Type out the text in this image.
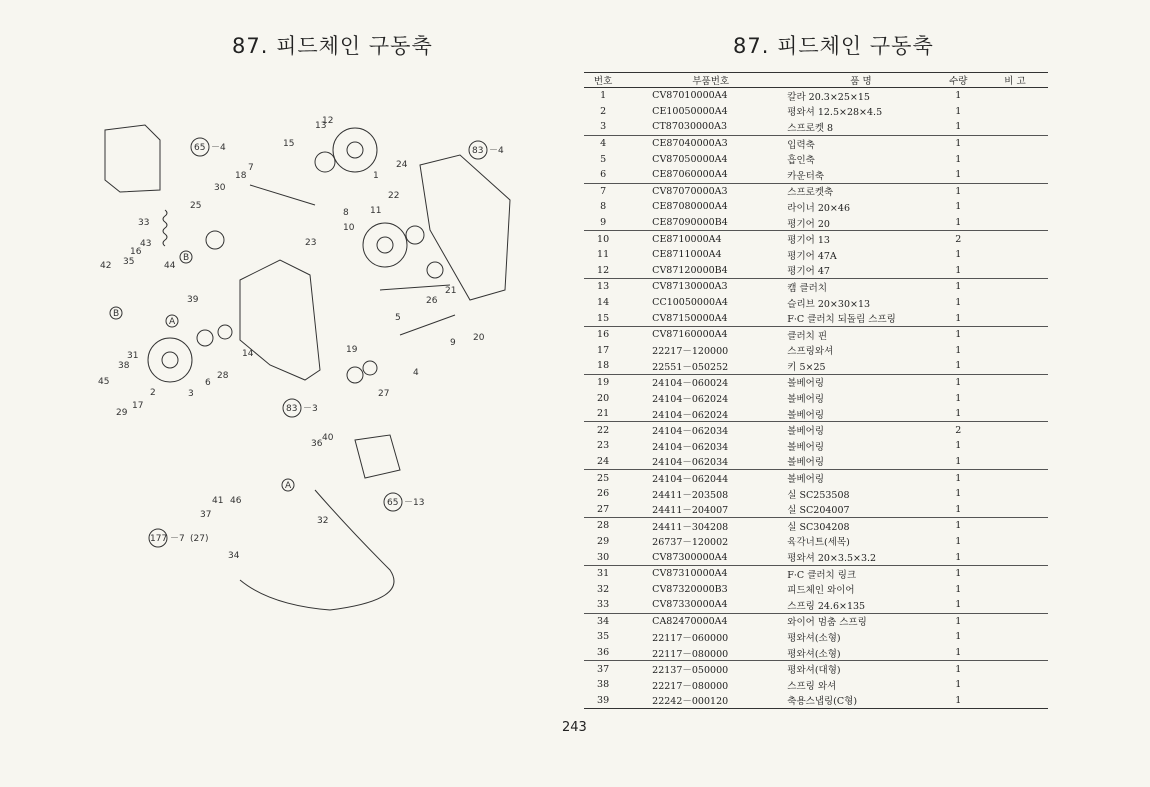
87. 피드체인 구동축	87. 피드체인 구동축
65 －4	83 －4
83 －3
65 －13
177 －7 (27)
B
B
A
A
1
2	3
4
5
6
7
8
9
10
11
12
13
14
15
16
17
18
19
20
21
22
23
24
25
26
27
28
29
30
31
32
33
34
35
36
37
38
39
40
41
42
43
44
45
46
번호	부품번호	품 명	수량	비 고
1	CV87010000A4	칼라 20.3×25×15	1	
2	CE10050000A4	평와셔 12.5×28×4.5	1	
3	CT87030000A3	스프로켓 8	1	
4	CE87040000A3	입력축	1	
5	CV87050000A4	흡인축	1	
6	CE87060000A4	카운터축	1	
7	CV87070000A3	스프로켓축	1	
8	CE87080000A4	라이너 20×46	1	
9	CE87090000B4	평기어 20	1	
10	CE8710000A4	평기어 13	2	
11	CE8711000A4	평기어 47A	1	
12	CV87120000B4	평기어 47	1	
13	CV87130000A3	캠 클러치	1	
14	CC10050000A4	슬리브 20×30×13	1	
15	CV87150000A4	F·C 클러치 되돌림 스프링	1	
16	CV87160000A4	클러치 핀	1	
17	22217－120000	스프링와셔	1	
18	22551－050252	키 5×25	1	
19	24104－060024	볼베어링	1	
20	24104－062024	볼베어링	1	
21	24104－062024	볼베어링	1	
22	24104－062034	볼베어링	2	
23	24104－062034	볼베어링	1	
24	24104－062034	볼베어링	1	
25	24104－062044	볼베어링	1	
26	24411－203508	실 SC253508	1	
27	24411－204007	실 SC204007	1	
28	24411－304208	실 SC304208	1	
29	26737－120002	육각너트(세목)	1	
30	CV87300000A4	평와셔 20×3.5×3.2	1	
31	CV87310000A4	F·C 클러치 링크	1	
32	CV87320000B3	피드체인 와이어	1	
33	CV87330000A4	스프링 24.6×135	1	
34	CA82470000A4	와이어 멈춤 스프링	1	
35	22117－060000	평와셔(소형)	1	
36	22117－080000	평와셔(소형)	1	
37	22137－050000	평와셔(대형)	1	
38	22217－080000	스프링 와셔	1	
39	22242－000120	축용스냅링(C형)	1	
243
